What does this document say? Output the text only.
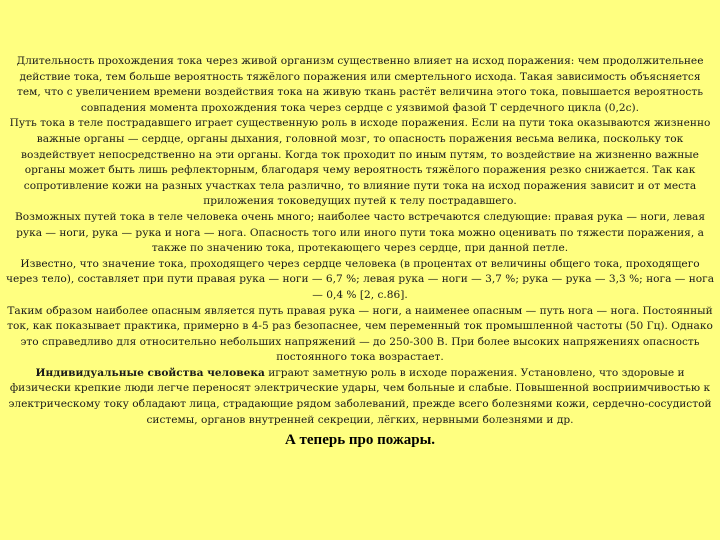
Длительность прохождения тока через живой организм существенно влияет на исход поражения: чем продолжительнее действие тока, тем больше вероятность тяжёлого поражения или смертельного исхода. Такая зависимость объясняется тем, что с увеличением времени воздействия тока на живую ткань растёт величина этого тока, повышается вероятность совпадения момента прохождения тока через сердце с уязвимой фазой Т сердечного цикла (0,2с).

Путь тока в теле пострадавшего играет существенную роль в исходе поражения. Если на пути тока оказываются жизненно важные органы — сердце, органы дыхания, головной мозг, то опасность поражения весьма велика, поскольку ток воздействует непосредственно на эти органы. Когда ток проходит по иным путям, то воздействие на жизненно важные органы может быть лишь рефлекторным, благодаря чему вероятность тяжёлого поражения резко снижается. Так как сопротивление кожи на разных участках тела различно, то влияние пути тока на исход поражения зависит и от места приложения токоведущих путей к телу пострадавшего.

Возможных путей тока в теле человека очень много; наиболее часто встречаются следующие: правая рука — ноги, левая рука — ноги, рука — рука и нога — нога. Опасность того или иного пути тока можно оценивать по тяжести поражения, а также по значению тока, протекающего через сердце, при данной петле.

Известно, что значение тока, проходящего через сердце человека (в процентах от величины общего тока, проходящего через тело), составляет при пути правая рука — ноги — 6,7 %; левая рука — ноги — 3,7 %; рука — рука — 3,3 %; нога — нога — 0,4 % [2, с.86].

Таким образом наиболее опасным является путь правая рука — ноги, а наименее опасным — путь нога — нога. Постоянный ток, как показывает практика, примерно в 4-5 раз безопаснее, чем переменный ток промышленной частоты (50 Гц). Однако это справедливо для относительно небольших напряжений — до 250-300 В. При более высоких напряжениях опасность постоянного тока возрастает.

Индивидуальные свойства человека играют заметную роль в исходе поражения. Установлено, что здоровые и физически крепкие люди легче переносят электрические удары, чем больные и слабые. Повышенной восприимчивостью к электрическому току обладают лица, страдающие рядом заболеваний, прежде всего болезнями кожи, сердечно-сосудистой системы, органов внутренней секреции, лёгких, нервными болезнями и др.

А теперь про пожары.
